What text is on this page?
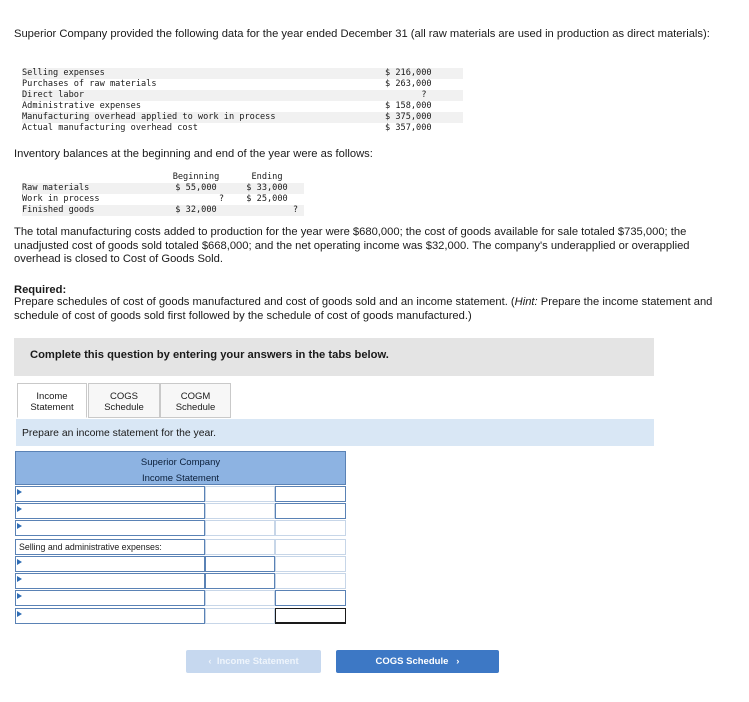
Superior Company provided the following data for the year ended December 31 (all raw materials are used in production as direct materials):
Selling expenses	$ 216,000
Purchases of raw materials	$ 263,000
Direct labor	?
Administrative expenses	$ 158,000
Manufacturing overhead applied to work in process	$ 375,000
Actual manufacturing overhead cost	$ 357,000
Inventory balances at the beginning and end of the year were as follows:
	Beginning	Ending
Raw materials	$ 55,000	$ 33,000
Work in process	?	$ 25,000
Finished goods	$ 32,000	?
The total manufacturing costs added to production for the year were $680,000; the cost of goods available for sale totaled $735,000; the unadjusted cost of goods sold totaled $668,000; and the net operating income was $32,000. The company's underapplied or overapplied overhead is closed to Cost of Goods Sold.
Required:
Prepare schedules of cost of goods manufactured and cost of goods sold and an income statement. (Hint: Prepare the income statement and schedule of cost of goods sold first followed by the schedule of cost of goods manufactured.)
Complete this question by entering your answers in the tabs below.
Income
Statement
COGS
Schedule
COGM
Schedule
Prepare an income statement for the year.
Superior Company
Income Statement
Selling and administrative expenses:
‹ Income Statement	COGS Schedule ›
